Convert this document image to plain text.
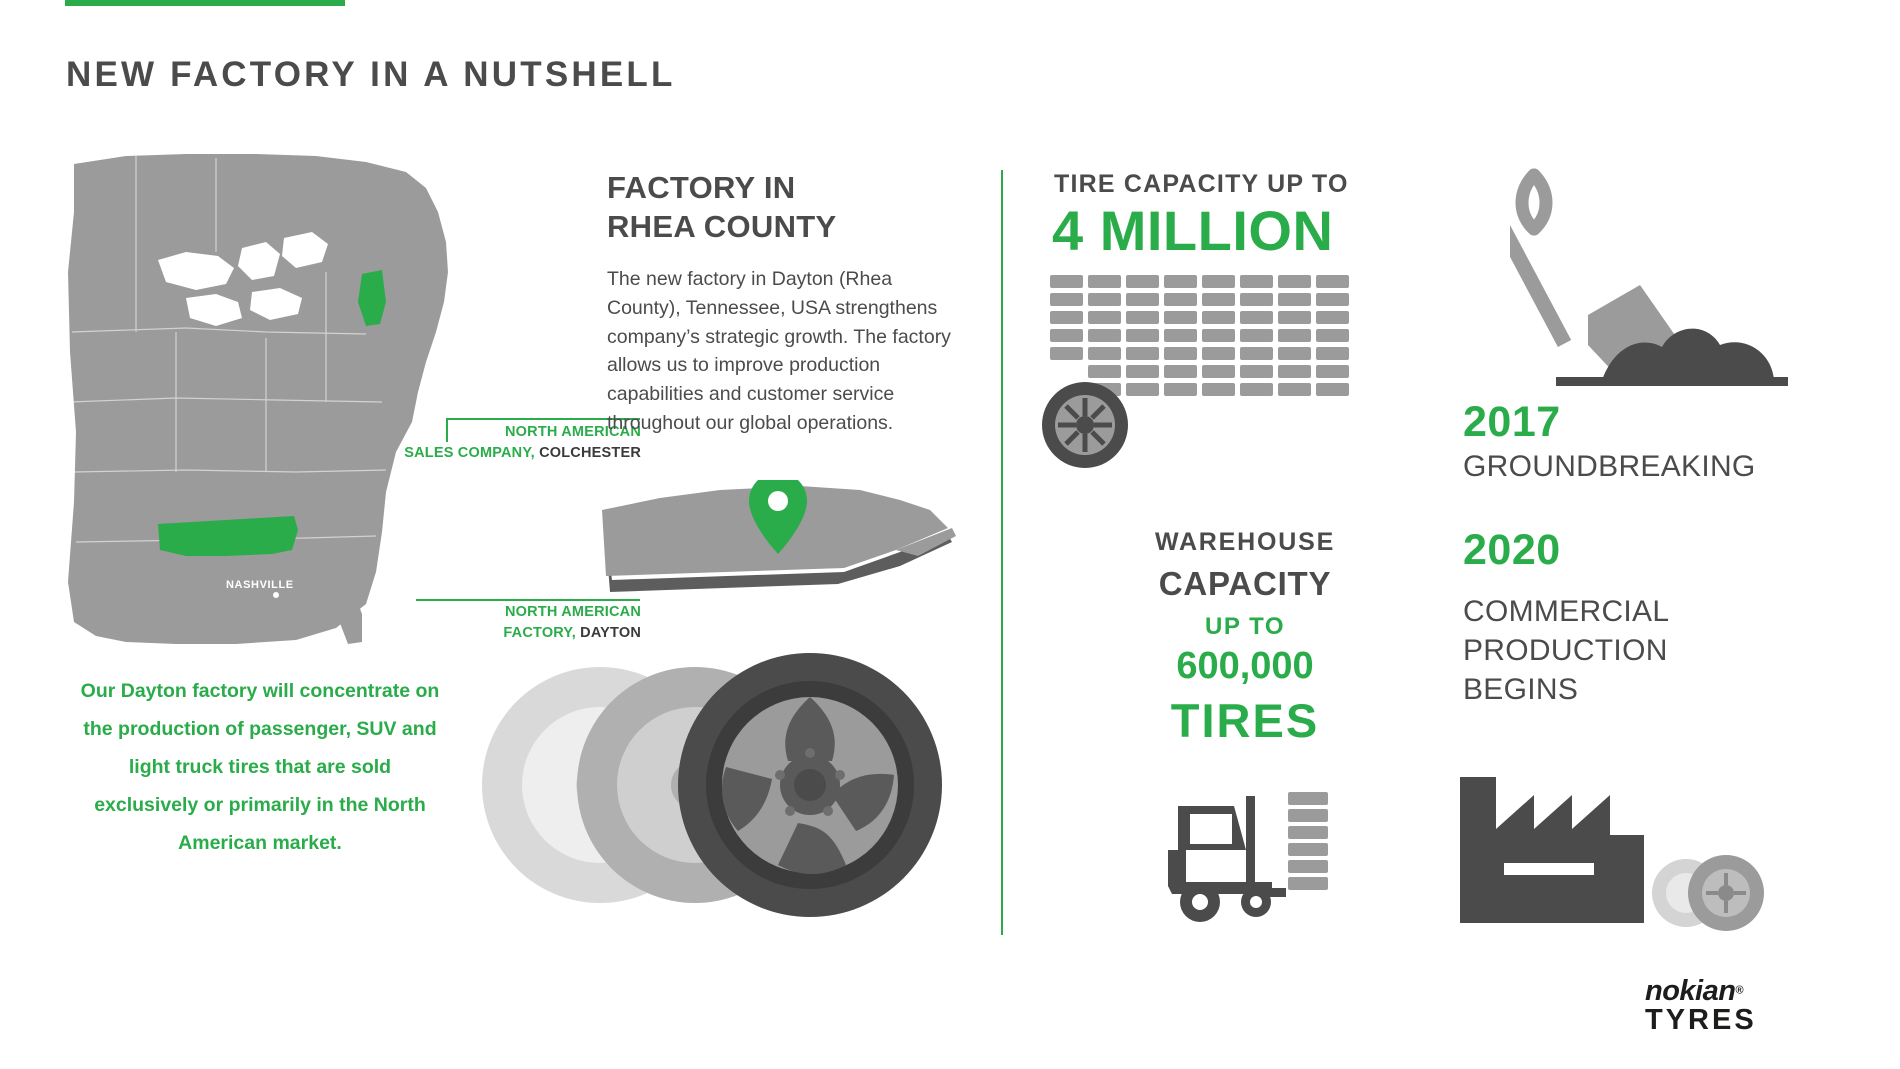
NEW FACTORY IN A NUTSHELL
NASHVILLE
NORTH AMERICAN
SALES COMPANY, COLCHESTER
NORTH AMERICAN
FACTORY, DAYTON
Our Dayton factory will concentrate on the production of passenger, SUV and light truck tires that are sold exclusively or primarily in the North American market.
FACTORY IN
RHEA COUNTY
The new factory in Dayton (Rhea County), Tennessee, USA strengthens company’s strategic growth. The factory allows us to improve production capabilities and customer service throughout our global operations.
TIRE CAPACITY UP TO
4 MILLION
WAREHOUSE
CAPACITY
UP TO
600,000
TIRES
2017
GROUNDBREAKING
2020
COMMERCIAL
PRODUCTION
BEGINS
nokian®
TYRES
